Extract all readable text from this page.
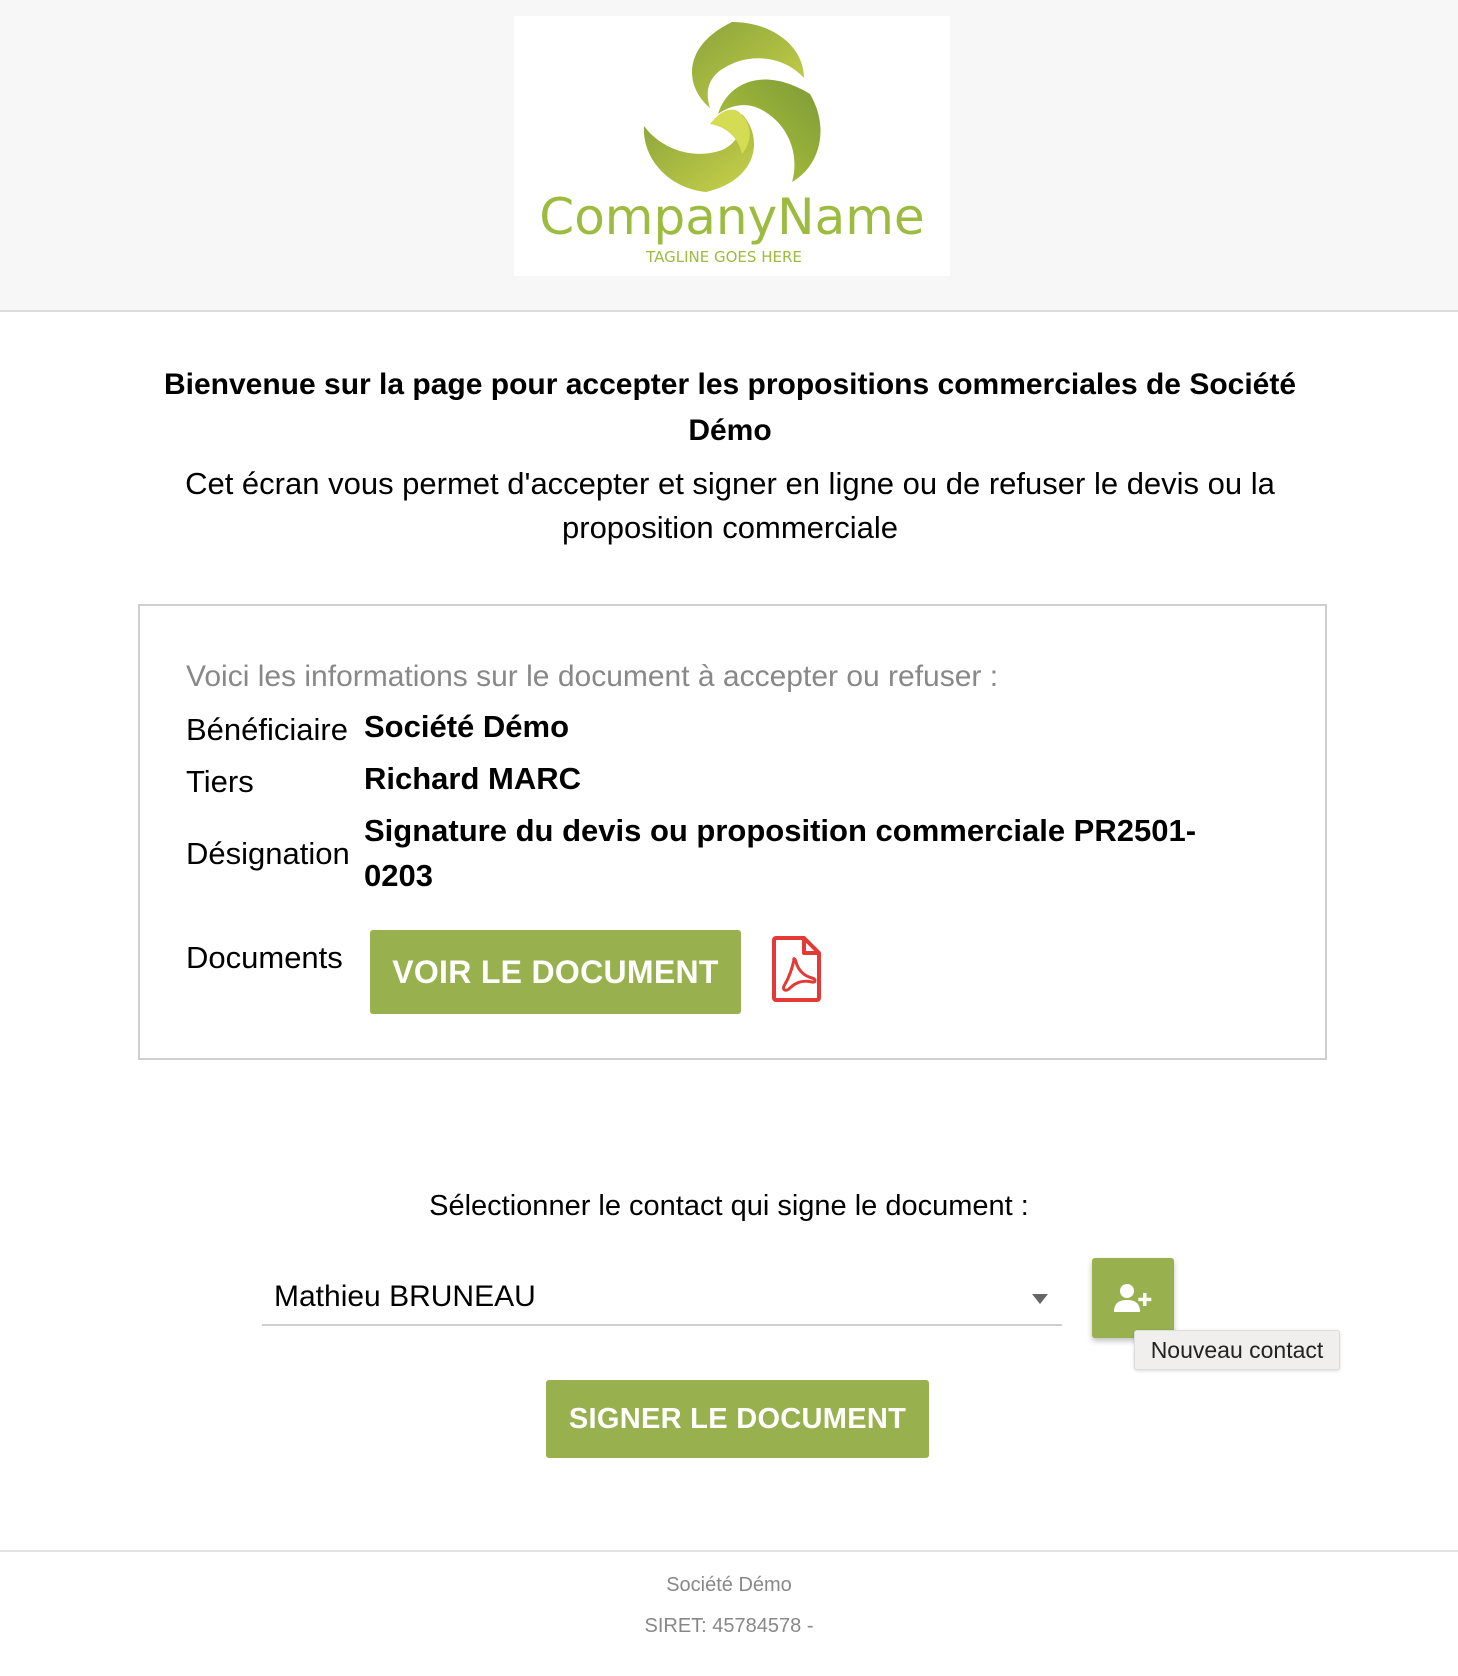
CompanyName
TAGLINE GOES HERE
Bienvenue sur la page pour accepter les propositions commerciales de Société Démo

Cet écran vous permet d'accepter et signer en ligne ou de refuser le devis ou la proposition commerciale

Voici les informations sur le document à accepter ou refuser :
Bénéficiaire Société Démo
Tiers	Richard MARC
Désignation
Signature du devis ou proposition commerciale PR2501-0203
Documents	VOIR LE DOCUMENT
Sélectionner le contact qui signe le document :
Mathieu BRUNEAU
Nouveau contact
SIGNER LE DOCUMENT
Société Démo
SIRET: 45784578 -
